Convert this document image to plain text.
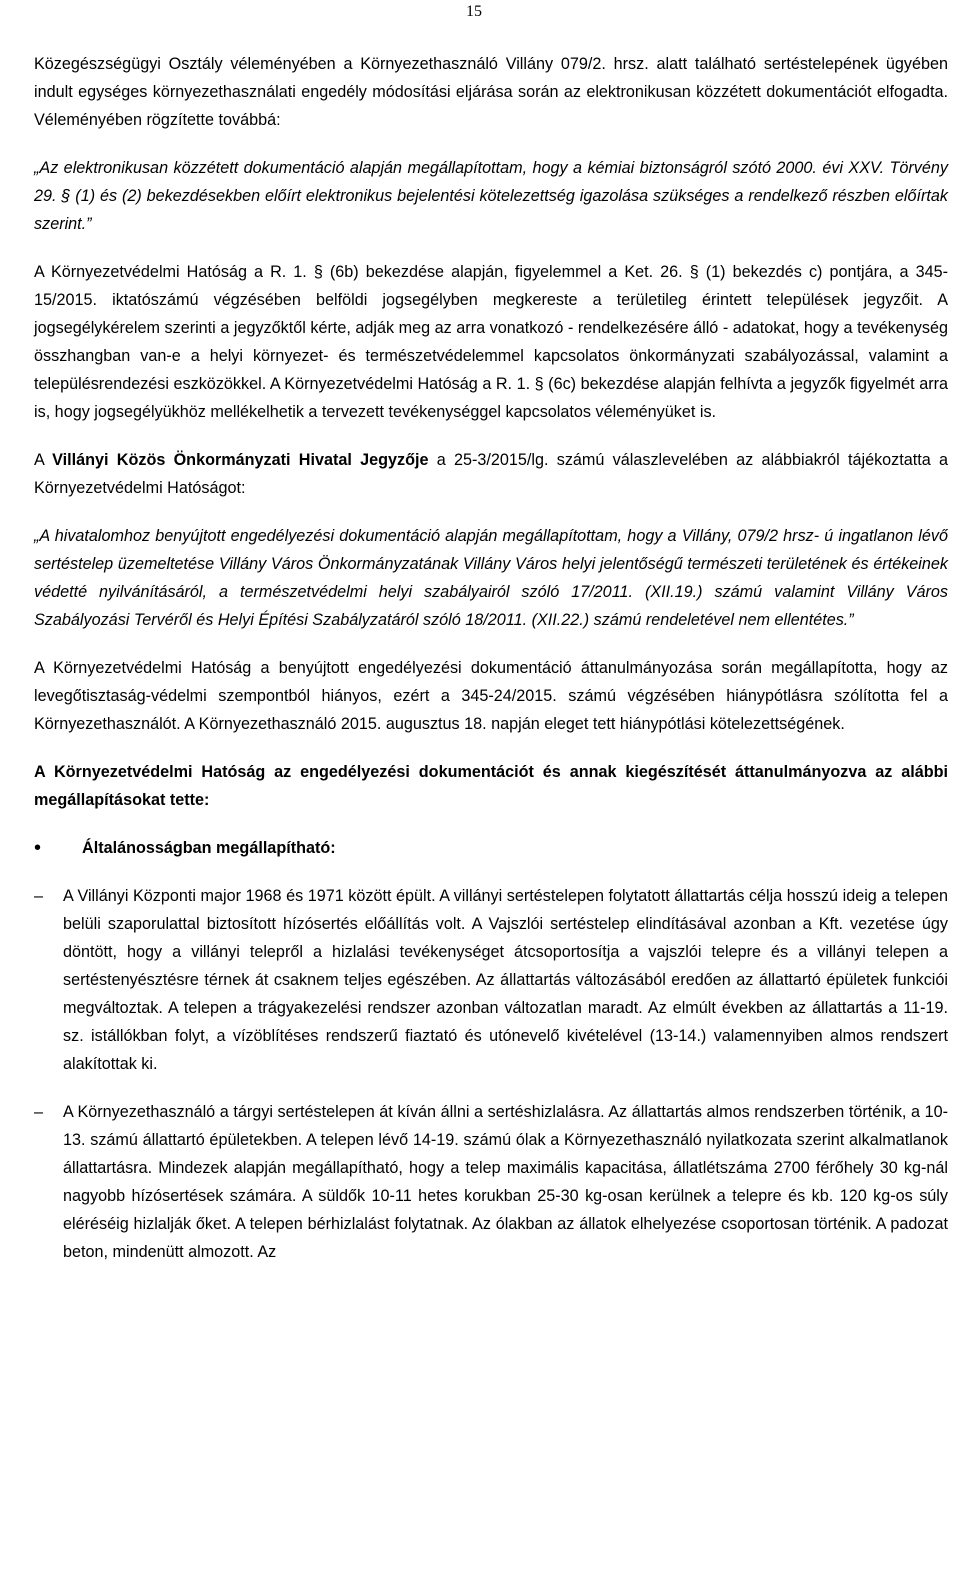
15

Közegészségügyi Osztály véleményében a Környezethasználó Villány 079/2. hrsz. alatt található sertéstelepének ügyében indult egységes környezethasználati engedély módosítási eljárása során az elektronikusan közzétett dokumentációt elfogadta. Véleményében rögzítette továbbá:

„Az elektronikusan közzétett dokumentáció alapján megállapítottam, hogy a kémiai biztonságról szótó 2000. évi XXV. Törvény 29. § (1) és (2) bekezdésekben előírt elektronikus bejelentési kötelezettség igazolása szükséges a rendelkező részben előírtak szerint.”

A Környezetvédelmi Hatóság a R. 1. § (6b) bekezdése alapján, figyelemmel a Ket. 26. § (1) bekezdés c) pontjára, a 345-15/2015. iktatószámú végzésében belföldi jogsegélyben megkereste a területileg érintett települések jegyzőit. A jogsegélykérelem szerinti a jegyzőktől kérte, adják meg az arra vonatkozó - rendelkezésére álló - adatokat, hogy a tevékenység összhangban van-e a helyi környezet- és természetvédelemmel kapcsolatos önkormányzati szabályozással, valamint a településrendezési eszközökkel. A Környezetvédelmi Hatóság a R. 1. § (6c) bekezdése alapján felhívta a jegyzők figyelmét arra is, hogy jogsegélyükhöz mellékelhetik a tervezett tevékenységgel kapcsolatos véleményüket is.

A Villányi Közös Önkormányzati Hivatal Jegyzője a 25-3/2015/lg. számú válaszlevelében az alábbiakról tájékoztatta a Környezetvédelmi Hatóságot:

„A hivatalomhoz benyújtott engedélyezési dokumentáció alapján megállapítottam, hogy a Villány, 079/2 hrsz- ú ingatlanon lévő sertéstelep üzemeltetése Villány Város Önkormányzatának Villány Város helyi jelentőségű természeti területének és értékeinek védetté nyilvánításáról, a természetvédelmi helyi szabályairól szóló 17/2011. (XII.19.) számú valamint Villány Város Szabályozási Tervéről és Helyi Építési Szabályzatáról szóló 18/2011. (XII.22.) számú rendeletével nem ellentétes.”

A Környezetvédelmi Hatóság a benyújtott engedélyezési dokumentáció áttanulmányozása során megállapította, hogy az levegőtisztaság-védelmi szempontból hiányos, ezért a 345-24/2015. számú végzésében hiánypótlásra szólította fel a Környezethasználót. A Környezethasználó 2015. augusztus 18. napján eleget tett hiánypótlási kötelezettségének.

A Környezetvédelmi Hatóság az engedélyezési dokumentációt és annak kiegészítését áttanulmányozva az alábbi megállapításokat tette:

•	Általánosságban megállapítható:
–	A Villányi Központi major 1968 és 1971 között épült. A villányi sertéstelepen folytatott állattartás célja hosszú ideig a telepen belüli szaporulattal biztosított hízósertés előállítás volt. A Vajszlói sertéstelep elindításával azonban a Kft. vezetése úgy döntött, hogy a villányi telepről a hizlalási tevékenységet átcsoportosítja a vajszlói telepre és a villányi telepen a sertéstenyésztésre térnek át csaknem teljes egészében. Az állattartás változásából eredően az állattartó épületek funkciói megváltoztak. A telepen a trágyakezelési rendszer azonban változatlan maradt. Az elmúlt években az állattartás a 11-19. sz. istállókban folyt, a vízöblítéses rendszerű fiaztató és utónevelő kivételével (13-14.) valamennyiben almos rendszert alakítottak ki.
–	A Környezethasználó a tárgyi sertéstelepen át kíván állni a sertéshizlalásra. Az állattartás almos rendszerben történik, a 10-13. számú állattartó épületekben. A telepen lévő 14-19. számú ólak a Környezethasználó nyilatkozata szerint alkalmatlanok állattartásra. Mindezek alapján megállapítható, hogy a telep maximális kapacitása, állatlétszáma 2700 férőhely 30 kg-nál nagyobb hízósertések számára. A süldők 10-11 hetes korukban 25-30 kg-osan kerülnek a telepre és kb. 120 kg-os súly eléréséig hizlalják őket. A telepen bérhizlalást folytatnak. Az ólakban az állatok elhelyezése csoportosan történik. A padozat beton, mindenütt almozott. Az
